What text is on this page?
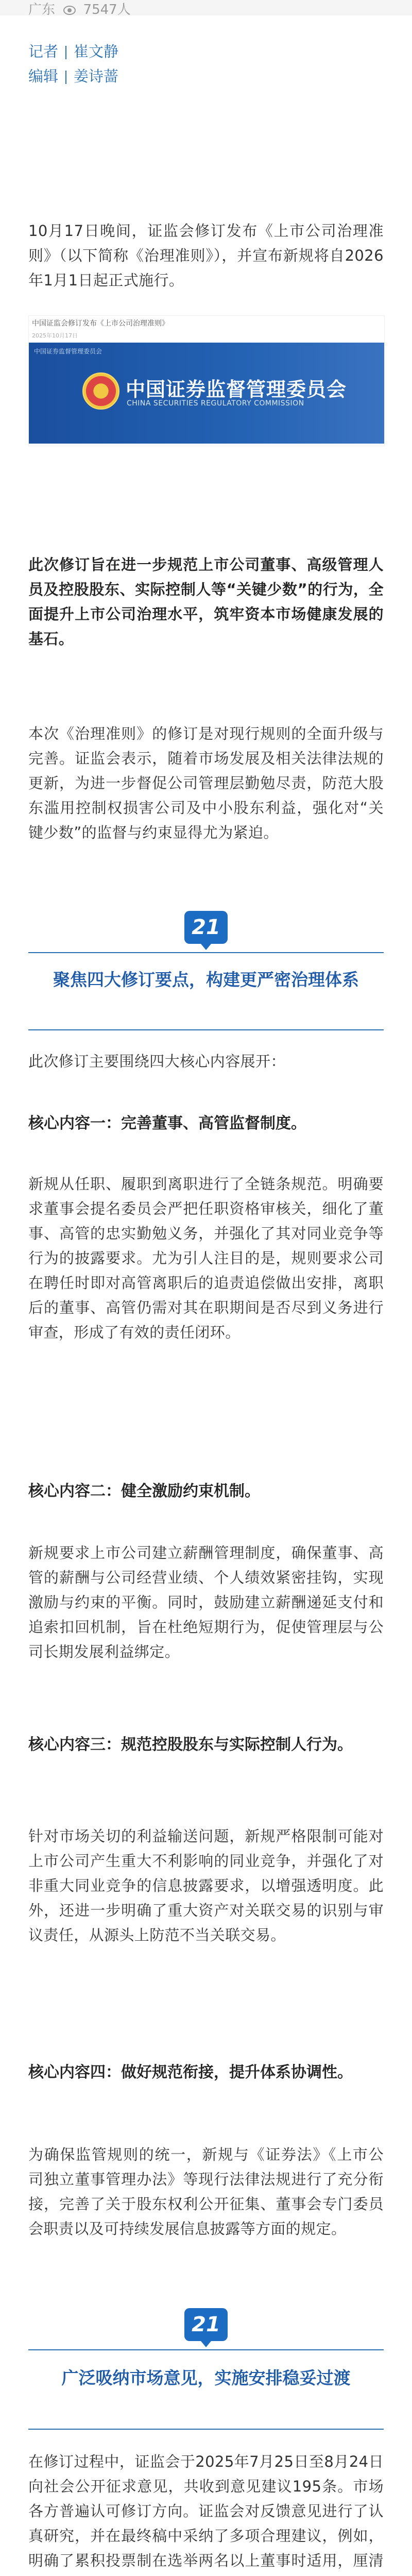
广东 7547人
记者 崔文静
编辑 姜诗蔷

10月17日晚间，证监会修订发布《上市公司治理准则》（以下简称《治理准则》），并宣布新规将自2026年1月1日起正式施行。

中国证监会修订发布《上市公司治理准则》
2025年10月17日
中国证券监督管理委员会
中国证券监督管理委员会
CHINA SECURITIES REGULATORY COMMISSION

此次修订旨在进一步规范上市公司董事、高级管理人员及控股股东、实际控制人等“关键少数”的行为，全面提升上市公司治理水平，筑牢资本市场健康发展的基石。

本次《治理准则》的修订是对现行规则的全面升级与完善。证监会表示，随着市场发展及相关法律法规的更新，为进一步督促公司管理层勤勉尽责，防范大股东滥用控制权损害公司及中小股东利益，强化对“关键少数”的监督与约束显得尤为紧迫。

21

聚焦四大修订要点，构建更严密治理体系

此次修订主要围绕四大核心内容展开：

核心内容一：完善董事、高管监督制度。

新规从任职、履职到离职进行了全链条规范。明确要求董事会提名委员会严把任职资格审核关，细化了董事、高管的忠实勤勉义务，并强化了其对同业竞争等行为的披露要求。尤为引人注目的是，规则要求公司在聘任时即对高管离职后的追责追偿做出安排，离职后的董事、高管仍需对其在职期间是否尽到义务进行审查，形成了有效的责任闭环。

核心内容二：健全激励约束机制。

新规要求上市公司建立薪酬管理制度，确保董事、高管的薪酬与公司经营业绩、个人绩效紧密挂钩，实现激励与约束的平衡。同时，鼓励建立薪酬递延支付和追索扣回机制，旨在杜绝短期行为，促使管理层与公司长期发展利益绑定。

核心内容三：规范控股股东与实际控制人行为。

针对市场关切的利益输送问题，新规严格限制可能对上市公司产生重大不利影响的同业竞争，并强化了对非重大同业竞争的信息披露要求，以增强透明度。此外，还进一步明确了重大资产对关联交易的识别与审议责任，从源头上防范不当关联交易。

核心内容四：做好规范衔接，提升体系协调性。

为确保监管规则的统一，新规与《证券法》《上市公司独立董事管理办法》等现行法律法规进行了充分衔接，完善了关于股东权利公开征集、董事会专门委员会职责以及可持续发展信息披露等方面的规定。

21

广泛吸纳市场意见，实施安排稳妥过渡

在修订过程中，证监会于2025年7月25日至8月24日向社会公开征求意见，共收到意见建议195条。市场各方普遍认可修订方向。证监会对反馈意见进行了认真研究，并在最终稿中采纳了多项合理建议，例如，明确了累积投票制在选举两名以上董事时适用，厘清
